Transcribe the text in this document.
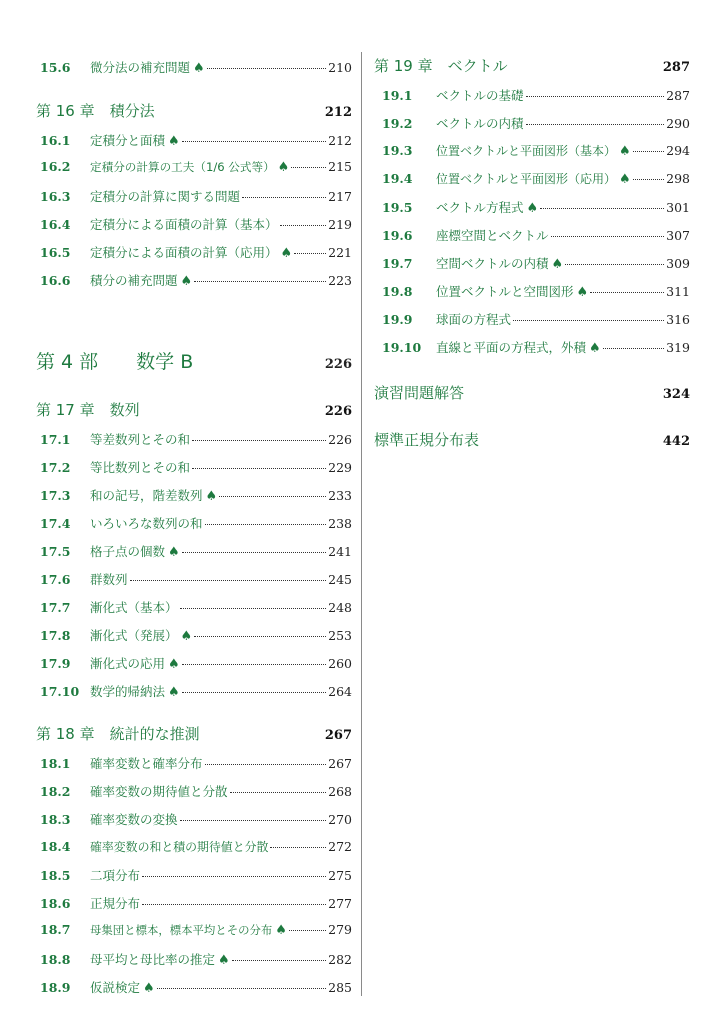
15.6	微分法の補充問題 ♠	210
第 16 章　積分法	212
16.1	定積分と面積 ♠	212
16.2	定積分の計算の工夫（1/6 公式等） ♠	215
16.3	定積分の計算に関する問題	217
16.4	定積分による面積の計算（基本）	219
16.5	定積分による面積の計算（応用） ♠	221
16.6	積分の補充問題 ♠	223
第 4 部　　数学 B	226
第 17 章　数列	226
17.1	等差数列とその和	226
17.2	等比数列とその和	229
17.3	和の記号，階差数列 ♠	233
17.4	いろいろな数列の和	238
17.5	格子点の個数 ♠	241
17.6	群数列	245
17.7	漸化式（基本）	248
17.8	漸化式（発展） ♠	253
17.9	漸化式の応用 ♠	260
17.10 数学的帰納法 ♠	264
第 18 章　統計的な推測	267
18.1	確率変数と確率分布	267
18.2	確率変数の期待値と分散	268
18.3	確率変数の変換	270
18.4	確率変数の和と積の期待値と分散	272
18.5	二項分布	275
18.6	正規分布	277
18.7	母集団と標本，標本平均とその分布 ♠	279
18.8	母平均と母比率の推定 ♠	282
18.9	仮説検定 ♠	285
第 19 章　ベクトル	287
19.1	ベクトルの基礎	287
19.2	ベクトルの内積	290
19.3	位置ベクトルと平面図形（基本） ♠	294
19.4	位置ベクトルと平面図形（応用） ♠	298
19.5	ベクトル方程式 ♠	301
19.6	座標空間とベクトル	307
19.7	空間ベクトルの内積 ♠	309
19.8	位置ベクトルと空間図形 ♠	311
19.9	球面の方程式	316
19.10	直線と平面の方程式，外積 ♠	319
演習問題解答	324
標準正規分布表	442
